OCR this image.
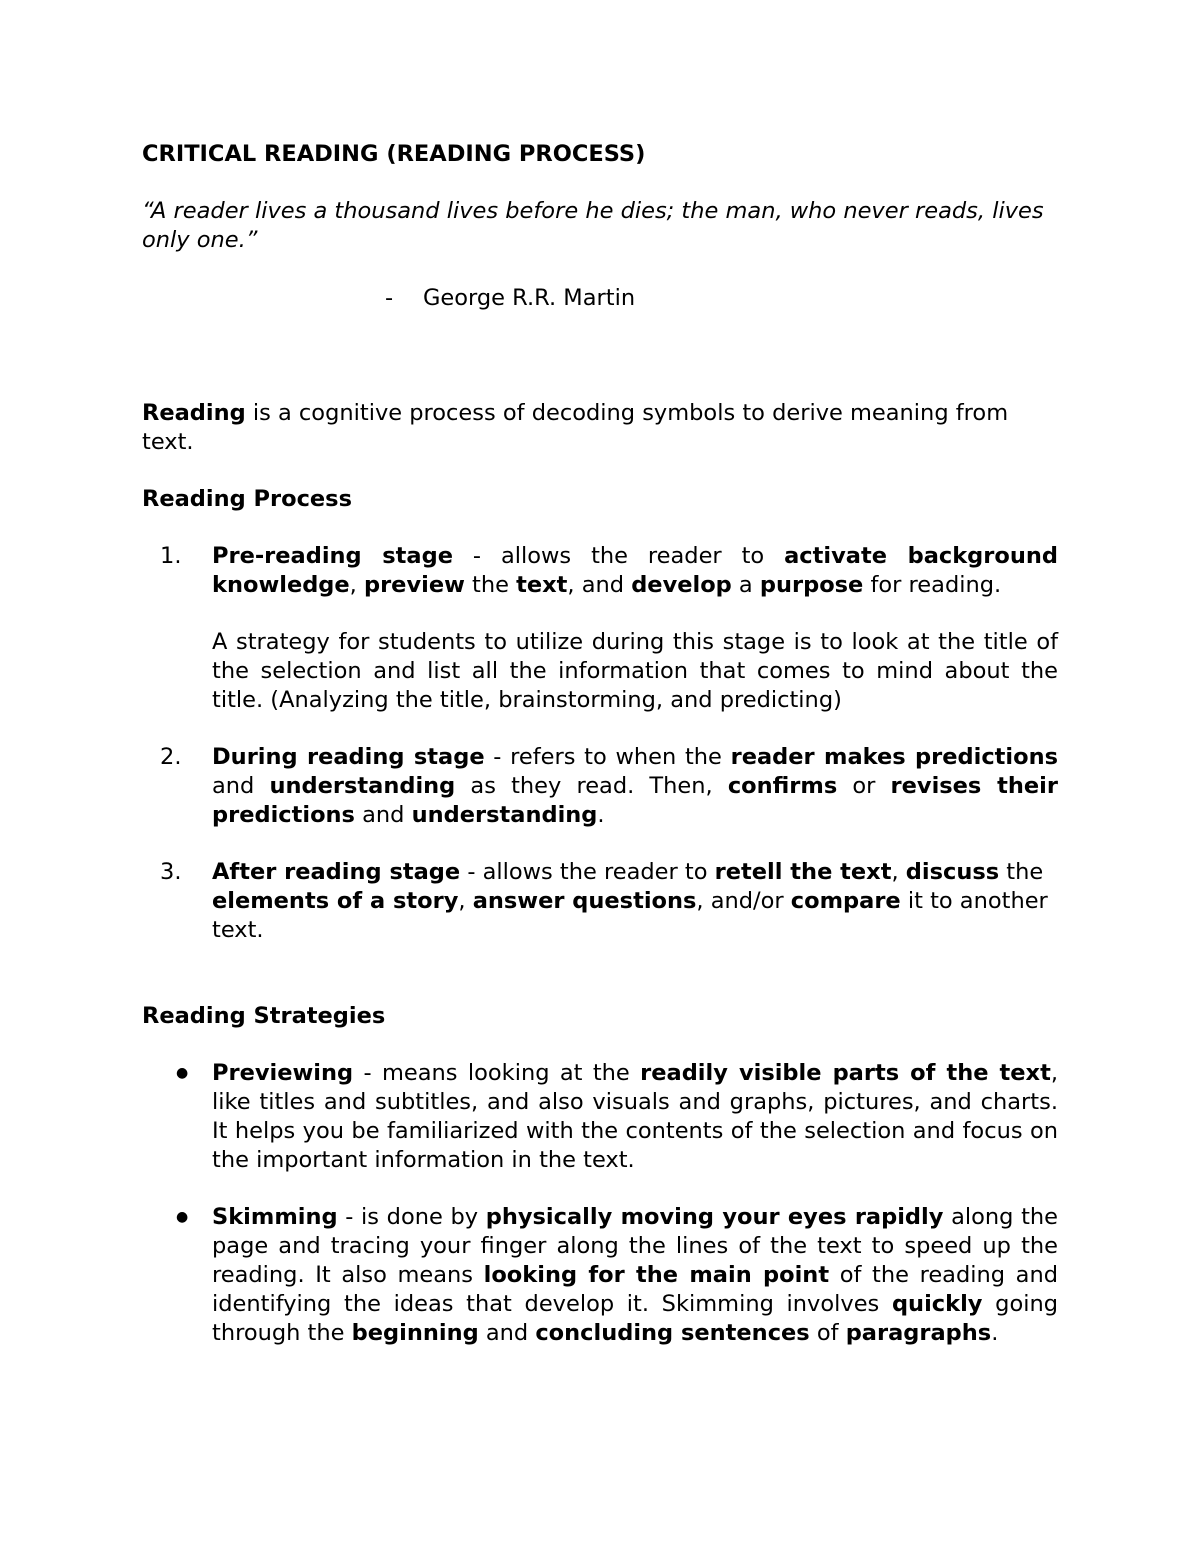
CRITICAL READING (READING PROCESS)

“A reader lives a thousand lives before he dies; the man, who never reads, lives only one.”

- George R.R. Martin

Reading is a cognitive process of decoding symbols to derive meaning from text.

Reading Process

1. Pre-reading stage - allows the reader to activate background knowledge, preview the text, and develop a purpose for reading.

A strategy for students to utilize during this stage is to look at the title of the selection and list all the information that comes to mind about the title. (Analyzing the title, brainstorming, and predicting)

2. During reading stage - refers to when the reader makes predictions and understanding as they read. Then, confirms or revises their predictions and understanding.

3. After reading stage - allows the reader to retell the text, discuss the elements of a story, answer questions, and/or compare it to another text.

Reading Strategies

● Previewing - means looking at the readily visible parts of the text, like titles and subtitles, and also visuals and graphs, pictures, and charts. It helps you be familiarized with the contents of the selection and focus on the important information in the text.

● Skimming - is done by physically moving your eyes rapidly along the page and tracing your finger along the lines of the text to speed up the reading. It also means looking for the main point of the reading and identifying the ideas that develop it. Skimming involves quickly going through the beginning and concluding sentences of paragraphs.
